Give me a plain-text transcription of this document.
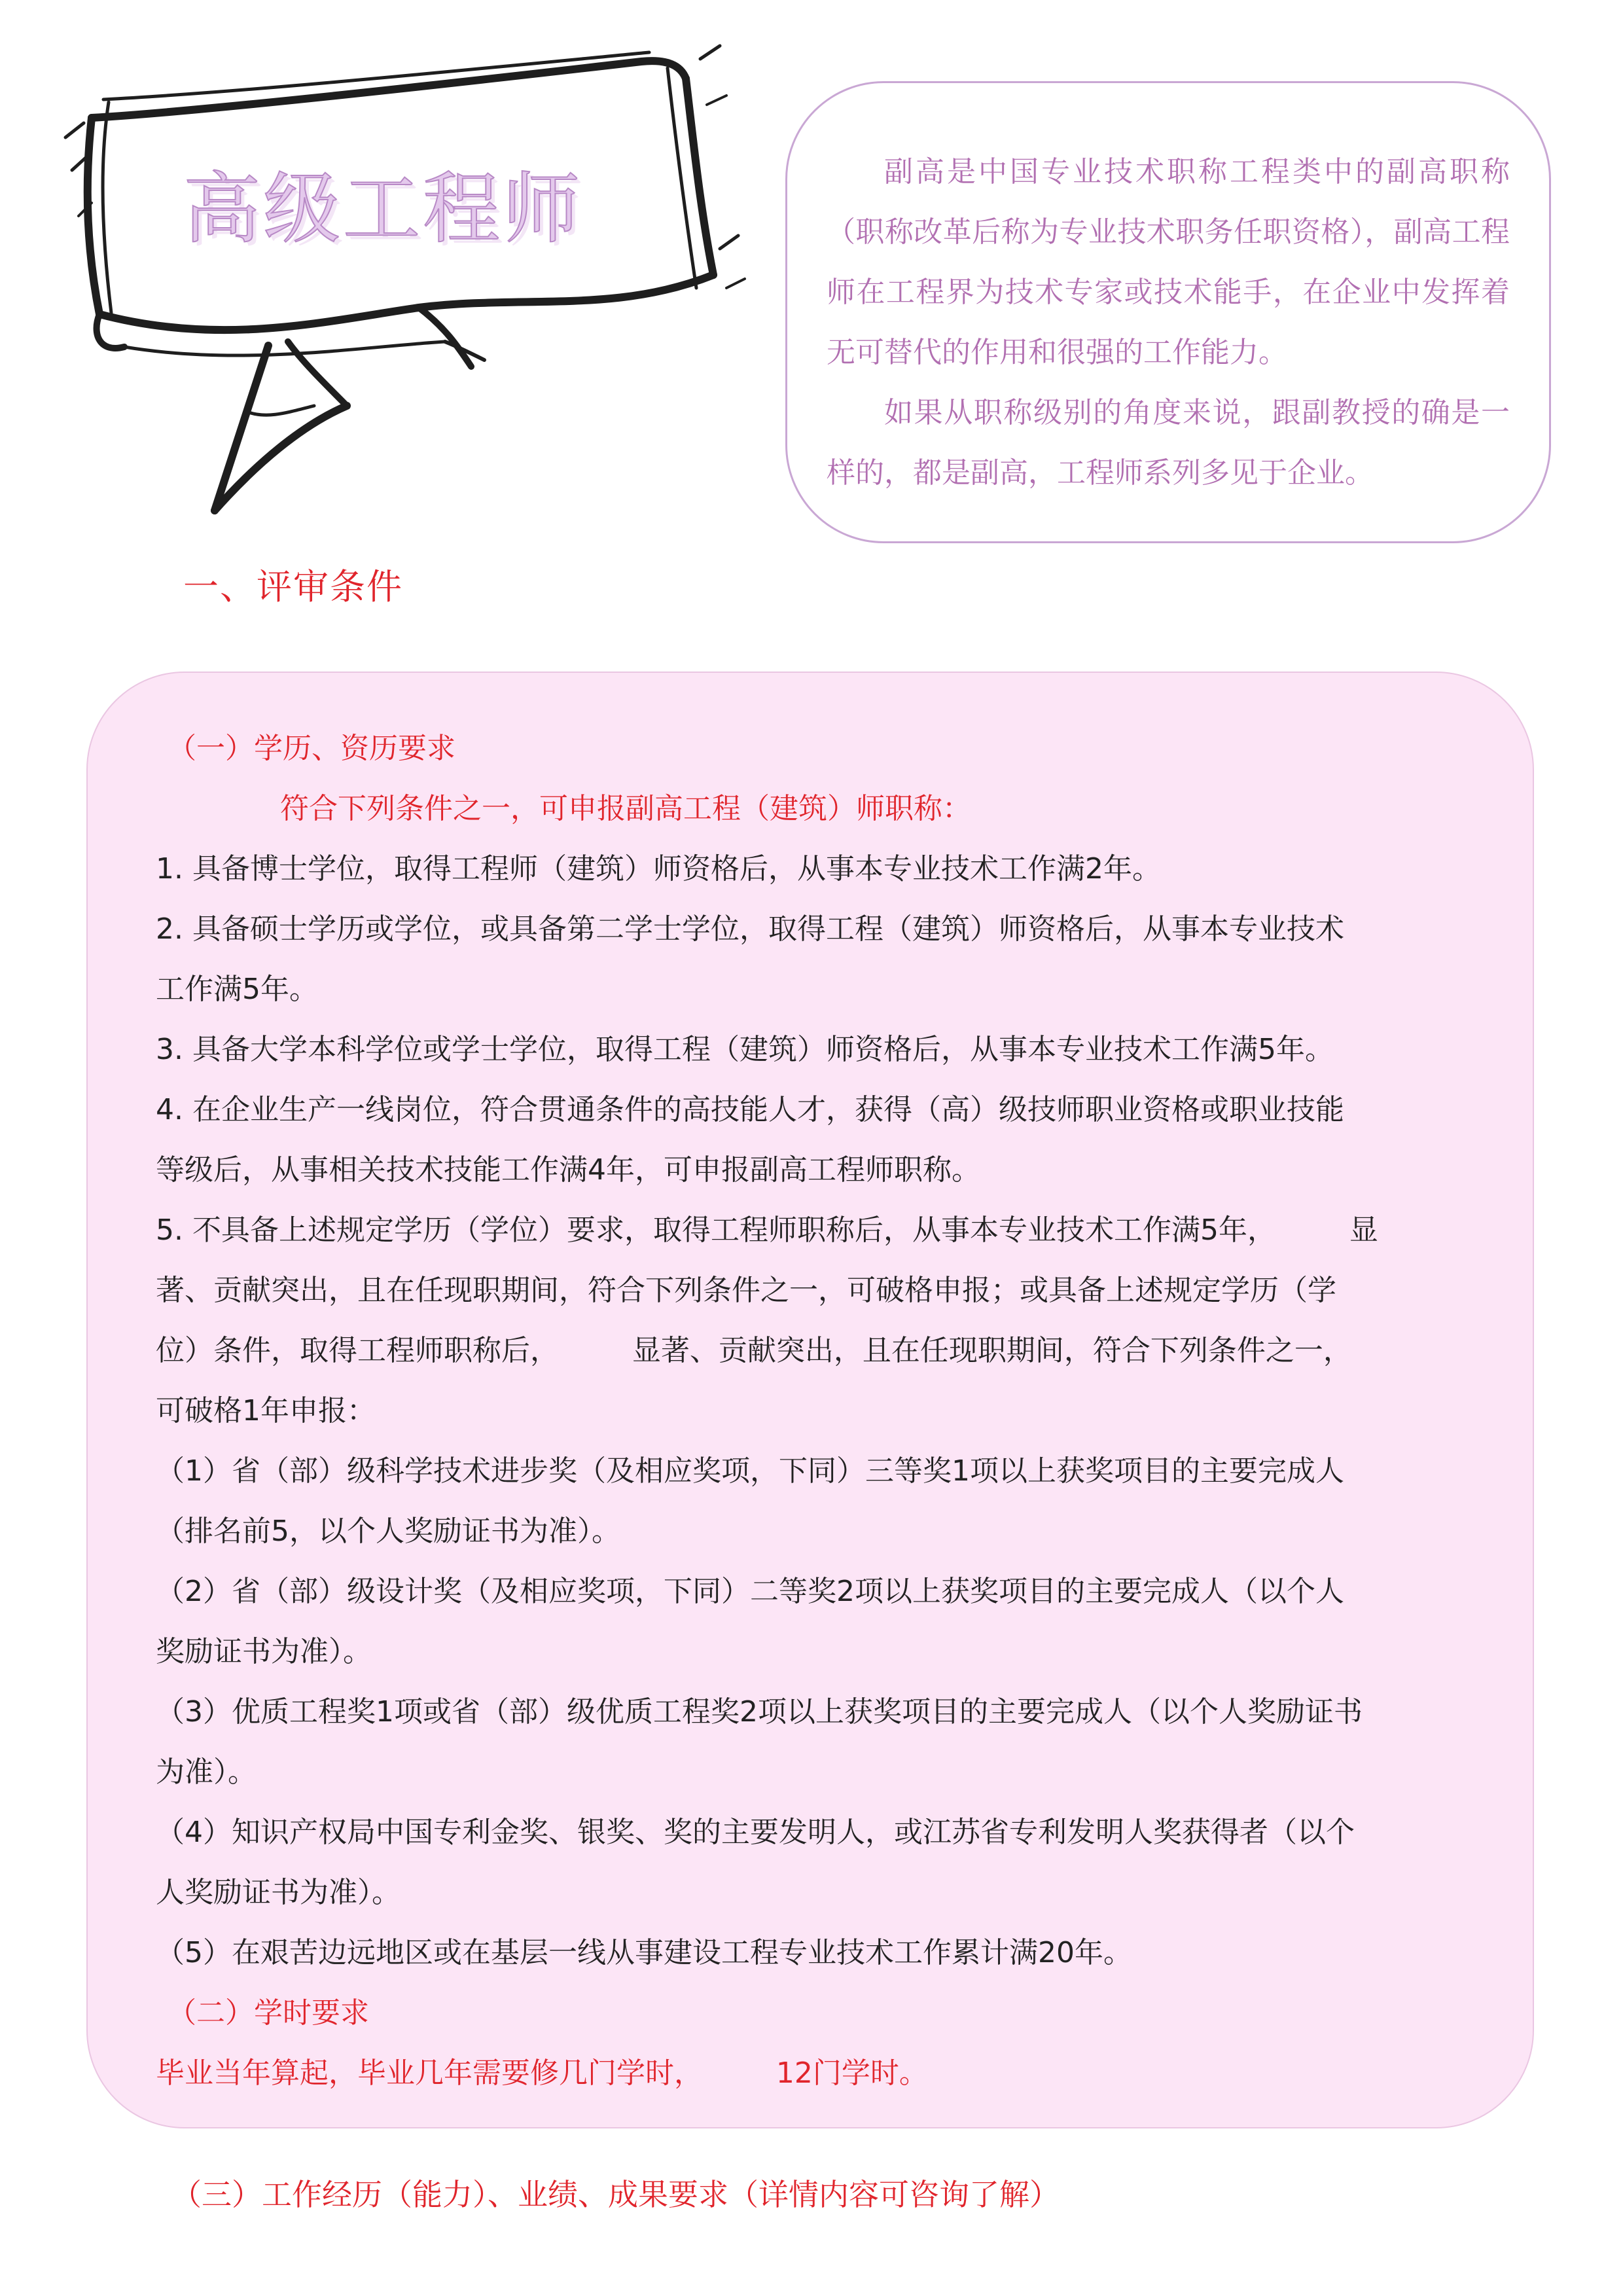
高级工程师	副高是中国专业技术职称工程类中的副高职称（职称改革后称为专业技术职务任职资格），副高工程师在工程界为技术专家或技术能手，在企业中发挥着无可替代的作用和很强的工作能力。

如果从职称级别的角度来说，跟副教授的确是一样的，都是副高，工程师系列多见于企业。

一、评审条件

（一）学历、资历要求

符合下列条件之一，可申报副高工程（建筑）师职称：

1. 具备博士学位，取得工程师（建筑）师资格后，从事本专业技术工作满2年。

2. 具备硕士学历或学位，或具备第二学士学位，取得工程（建筑）师资格后，从事本专业技术

工作满5年。

3. 具备大学本科学位或学士学位，取得工程（建筑）师资格后，从事本专业技术工作满5年。

4. 在企业生产一线岗位，符合贯通条件的高技能人才，获得（高）级技师职业资格或职业技能

等级后，从事相关技术技能工作满4年，可申报副高工程师职称。

5. 不具备上述规定学历（学位）要求，取得工程师职称后，从事本专业技术工作满5年，        显

著、贡献突出，且在任现职期间，符合下列条件之一，可破格申报；或具备上述规定学历（学

位）条件，取得工程师职称后，        显著、贡献突出，且在任现职期间，符合下列条件之一，

可破格1年申报：

（1）省（部）级科学技术进步奖（及相应奖项，下同）三等奖1项以上获奖项目的主要完成人

（排名前5，以个人奖励证书为准）。

（2）省（部）级设计奖（及相应奖项，下同）二等奖2项以上获奖项目的主要完成人（以个人

奖励证书为准）。

（3）优质工程奖1项或省（部）级优质工程奖2项以上获奖项目的主要完成人（以个人奖励证书

为准）。

（4）知识产权局中国专利金奖、银奖、奖的主要发明人，或江苏省专利发明人奖获得者（以个

人奖励证书为准）。

（5）在艰苦边远地区或在基层一线从事建设工程专业技术工作累计满20年。

（二）学时要求

毕业当年算起，毕业几年需要修几门学时，        12门学时。

（三）工作经历（能力）、业绩、成果要求（详情内容可咨询了解）
